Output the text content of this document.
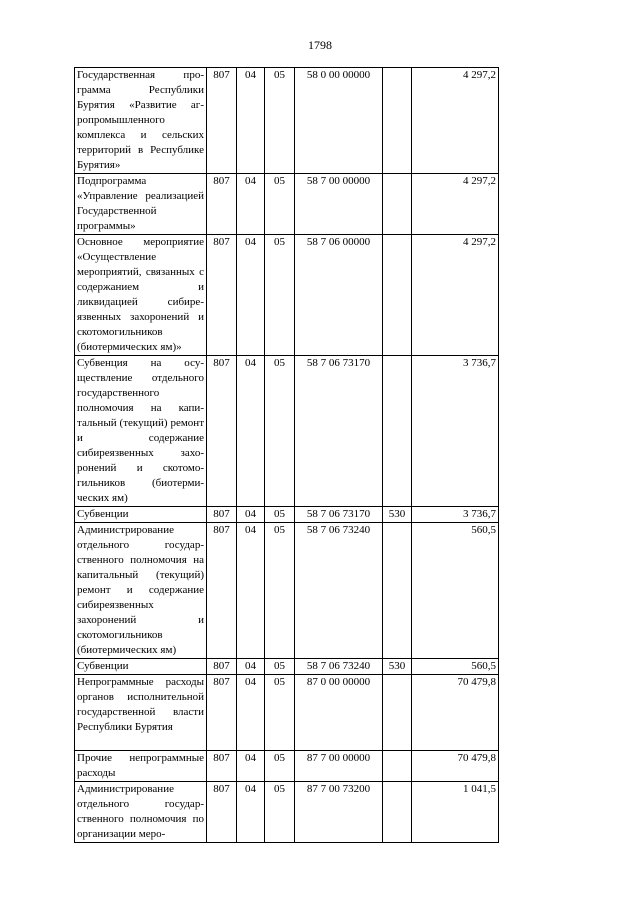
1798
Государственная программа Республики Бурятия «Развитие агропромышленного комплекса и сельских территорий в Республике Бурятия»	807	04	05	58 0 00 00000		4 297,2
Подпрограмма «Управление реализацией Государственной программы»	807	04	05	58 7 00 00000		4 297,2
Основное мероприятие «Осуществление мероприятий, связанных с содержанием и ликвидацией сибиреязвенных захоронений и скотомогильников (биотермических ям)»	807	04	05	58 7 06 00000		4 297,2
Субвенция на осуществление отдельного государственного полномочия на капитальный (текущий) ремонт и содержание сибиреязвенных захоронений и скотомогильников (биотермических ям)	807	04	05	58 7 06 73170		3 736,7
Субвенции	807	04	05	58 7 06 73170	530	3 736,7
Администрирование отдельного государственного полномочия на капитальный (текущий) ремонт и содержание сибиреязвенных захоронений и скотомогильников (биотермических ям)	807	04	05	58 7 06 73240		560,5
Субвенции	807	04	05	58 7 06 73240	530	560,5
Непрограммные расходы органов исполнительной государственной власти Республики Бурятия	807	04	05	87 0 00 00000		70 479,8
Прочие непрограммные расходы	807	04	05	87 7 00 00000		70 479,8
Администрирование отдельного государственного полномочия по организации меро-	807	04	05	87 7 00 73200		1 041,5
